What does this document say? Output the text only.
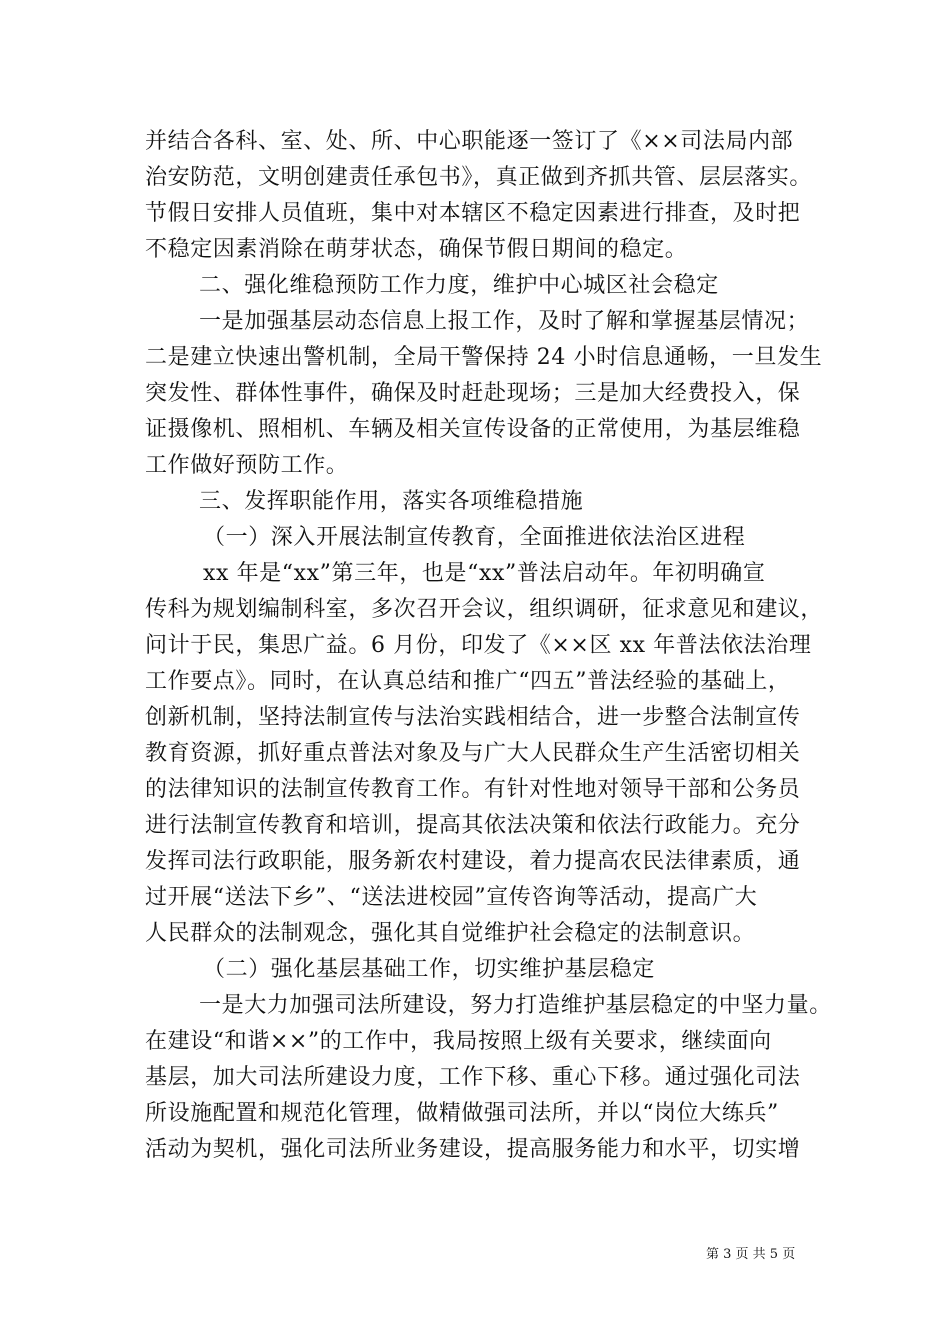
并结合各科、室、处、所、中心职能逐一签订了《××司法局内部
治安防范，文明创建责任承包书》，真正做到齐抓共管、层层落实。
节假日安排人员值班，集中对本辖区不稳定因素进行排查，及时把
不稳定因素消除在萌芽状态，确保节假日期间的稳定。
二、强化维稳预防工作力度，维护中心城区社会稳定
一是加强基层动态信息上报工作，及时了解和掌握基层情况；
二是建立快速出警机制，全局干警保持 24 小时信息通畅，一旦发生
突发性、群体性事件，确保及时赶赴现场；三是加大经费投入，保
证摄像机、照相机、车辆及相关宣传设备的正常使用，为基层维稳
工作做好预防工作。
三、发挥职能作用，落实各项维稳措施
（一）深入开展法制宣传教育，全面推进依法治区进程
xx 年是“xx”第三年，也是“xx”普法启动年。年初明确宣
传科为规划编制科室，多次召开会议，组织调研，征求意见和建议，
问计于民，集思广益。6 月份，印发了《××区 xx 年普法依法治理
工作要点》。同时，在认真总结和推广“四五”普法经验的基础上，
创新机制，坚持法制宣传与法治实践相结合，进一步整合法制宣传
教育资源，抓好重点普法对象及与广大人民群众生产生活密切相关
的法律知识的法制宣传教育工作。有针对性地对领导干部和公务员
进行法制宣传教育和培训，提高其依法决策和依法行政能力。充分
发挥司法行政职能，服务新农村建设，着力提高农民法律素质，通
过开展“送法下乡”、“送法进校园”宣传咨询等活动，提高广大
人民群众的法制观念，强化其自觉维护社会稳定的法制意识。
（二）强化基层基础工作，切实维护基层稳定
一是大力加强司法所建设，努力打造维护基层稳定的中坚力量。
在建设“和谐××”的工作中，我局按照上级有关要求，继续面向
基层，加大司法所建设力度，工作下移、重心下移。通过强化司法
所设施配置和规范化管理，做精做强司法所，并以“岗位大练兵”
活动为契机，强化司法所业务建设，提高服务能力和水平，切实增
第 3 页 共 5 页
